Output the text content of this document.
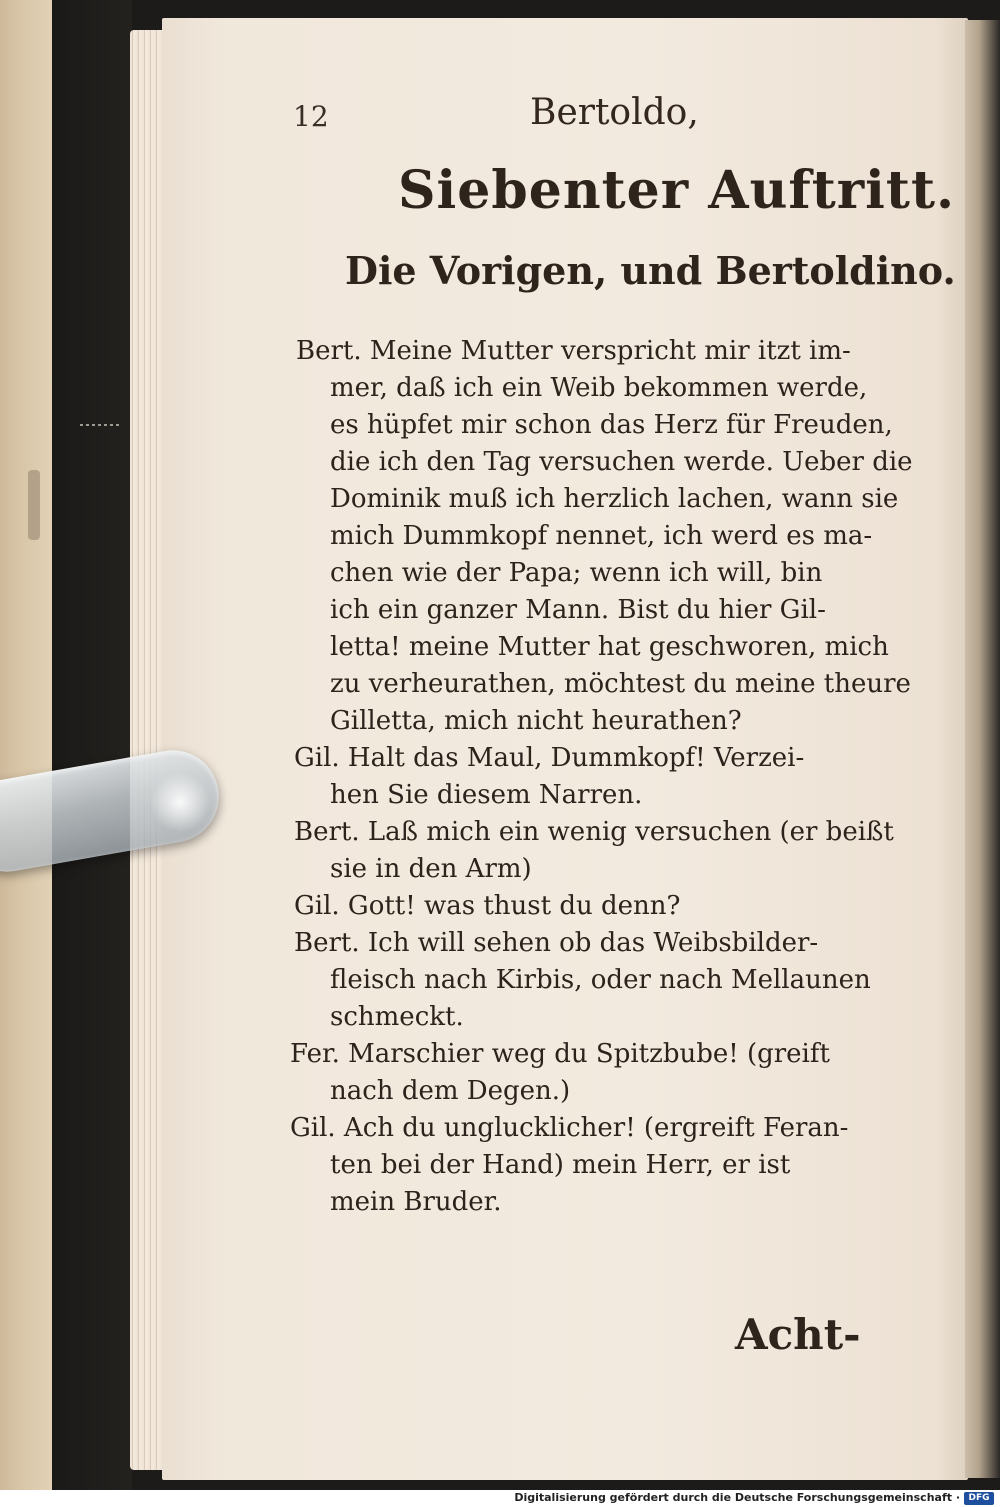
12	Bertoldo,
Siebenter Auftritt.
Die Vorigen, und Bertoldino.
Bert. Meine Mutter verspricht mir itzt im-
mer, daß ich ein Weib bekommen werde,
es hüpfet mir schon das Herz für Freuden,
die ich den Tag versuchen werde. Ueber die
Dominik muß ich herzlich lachen, wann sie
mich Dummkopf nennet, ich werd es ma-
chen wie der Papa; wenn ich will, bin
ich ein ganzer Mann. Bist du hier Gil-
letta! meine Mutter hat geschworen, mich
zu verheurathen, möchtest du meine theure
Gilletta, mich nicht heurathen?
Gil. Halt das Maul, Dummkopf! Verzei-
hen Sie diesem Narren.
Bert. Laß mich ein wenig versuchen (er beißt
sie in den Arm)
Gil. Gott! was thust du denn?
Bert. Ich will sehen ob das Weibsbilder-
fleisch nach Kirbis, oder nach Mellaunen
schmeckt.
Fer. Marschier weg du Spitzbube! (greift
nach dem Degen.)
Gil. Ach du unglucklicher! (ergreift Feran-
ten bei der Hand) mein Herr, er ist
mein Bruder.
Acht-
Digitalisierung gefördert durch die Deutsche Forschungsgemeinschaft · DFG
